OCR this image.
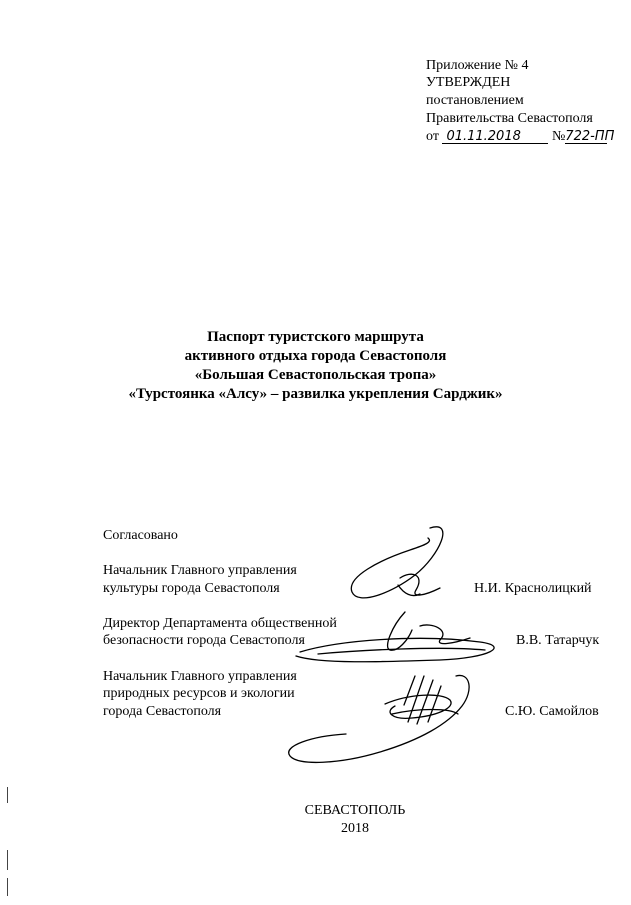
Приложение № 4
УТВЕРЖДЕН
постановлением
Правительства Севастополя
от 01.11.2018 №722-ПП
Паспорт туристского маршрута
активного отдыха города Севастополя
«Большая Севастопольская тропа»
«Турстоянка «Алсу» – развилка укрепления Сарджик»
Согласовано
Начальник Главного управления
культуры города Севастополя	Н.И. Краснолицкий
Директор Департамента общественной
безопасности города Севастополя	В.В. Татарчук
Начальник Главного управления
природных ресурсов и экологии
города Севастополя	С.Ю. Самойлов
СЕВАСТОПОЛЬ
2018
